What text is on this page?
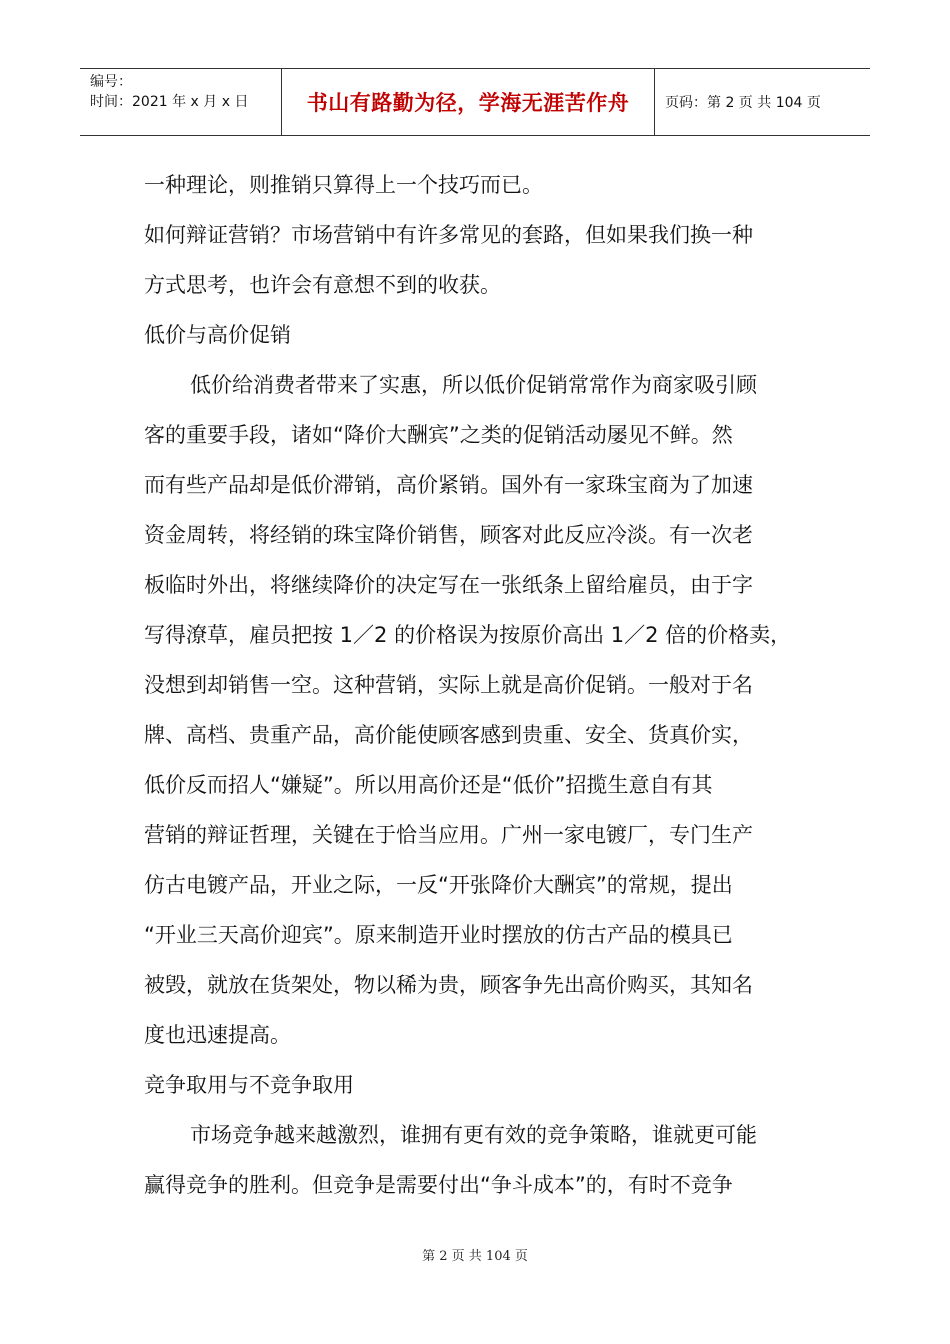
编号：
时间：2021 年 x 月 x 日	书山有路勤为径，学海无涯苦作舟	页码：第 2 页 共 104 页

一种理论，则推销只算得上一个技巧而已。

如何辩证营销？市场营销中有许多常见的套路，但如果我们换一种

方式思考，也许会有意想不到的收获。

低价与高价促销

低价给消费者带来了实惠，所以低价促销常常作为商家吸引顾

客的重要手段，诸如“降价大酬宾”之类的促销活动屡见不鲜。然

而有些产品却是低价滞销，高价紧销。国外有一家珠宝商为了加速

资金周转，将经销的珠宝降价销售，顾客对此反应冷淡。有一次老

板临时外出，将继续降价的决定写在一张纸条上留给雇员，由于字

写得潦草，雇员把按 1／2 的价格误为按原价高出 1／2 倍的价格卖，

没想到却销售一空。这种营销，实际上就是高价促销。一般对于名

牌、高档、贵重产品，高价能使顾客感到贵重、安全、货真价实，

低价反而招人“嫌疑”。所以用高价还是“低价”招揽生意自有其

营销的辩证哲理，关键在于恰当应用。广州一家电镀厂，专门生产

仿古电镀产品，开业之际，一反“开张降价大酬宾”的常规，提出

“开业三天高价迎宾”。原来制造开业时摆放的仿古产品的模具已

被毁，就放在货架处，物以稀为贵，顾客争先出高价购买，其知名

度也迅速提高。

竞争取用与不竞争取用

市场竞争越来越激烈，谁拥有更有效的竞争策略，谁就更可能

赢得竞争的胜利。但竞争是需要付出“争斗成本”的，有时不竞争

第 2 页 共 104 页
